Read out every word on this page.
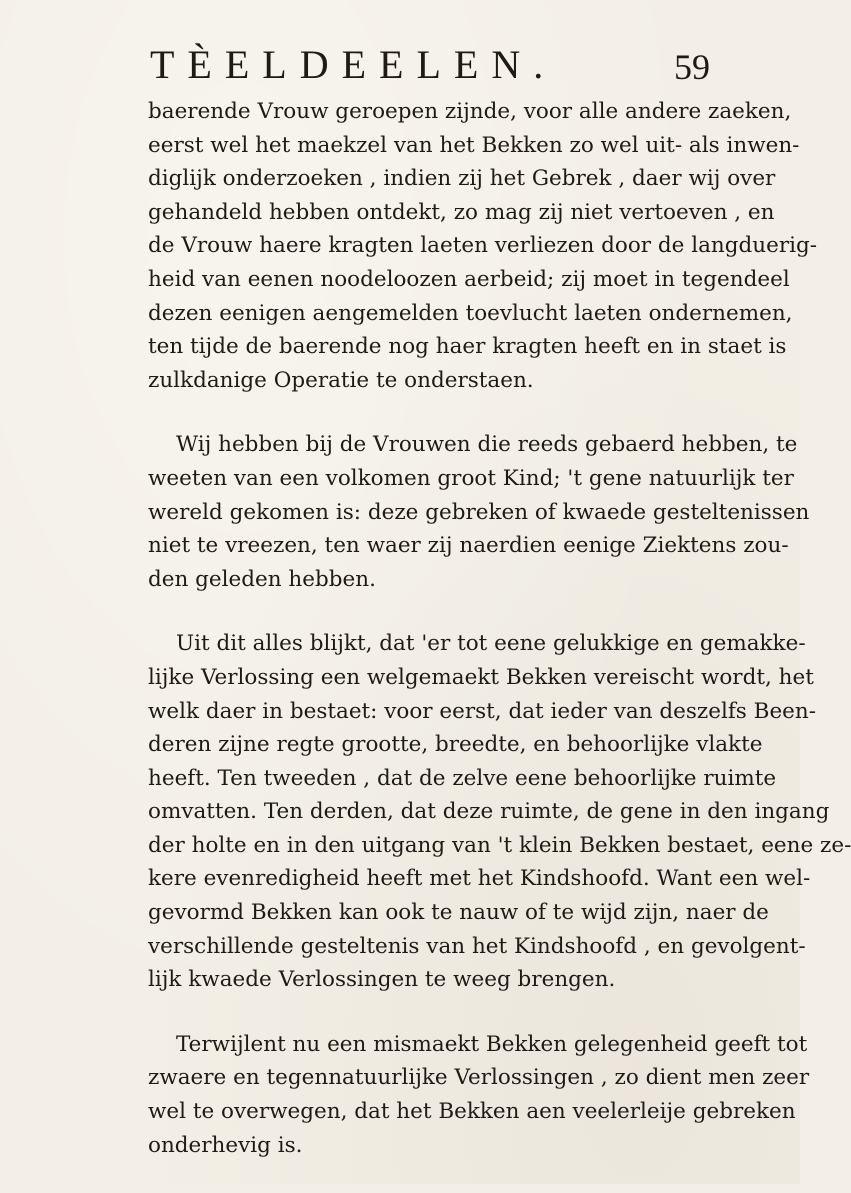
TÈELDEELEN.	59

baerende Vrouw geroepen zijnde, voor alle andere zaeken,
eerst wel het maekzel van het Bekken zo wel uit- als inwen-
diglijk onderzoeken , indien zij het Gebrek , daer wij over
gehandeld hebben ontdekt, zo mag zij niet vertoeven , en
de Vrouw haere kragten laeten verliezen door de langduerig-
heid van eenen noodeloozen aerbeid; zij moet in tegendeel
dezen eenigen aengemelden toevlucht laeten ondernemen,
ten tijde de baerende nog haer kragten heeft en in staet is
zulkdanige Operatie te onderstaen.

Wij hebben bij de Vrouwen die reeds gebaerd hebben, te
weeten van een volkomen groot Kind; 't gene natuurlijk ter
wereld gekomen is: deze gebreken of kwaede gesteltenissen
niet te vreezen, ten waer zij naerdien eenige Ziektens zou-
den geleden hebben.

Uit dit alles blijkt, dat 'er tot eene gelukkige en gemakke-
lijke Verlossing een welgemaekt Bekken vereischt wordt, het
welk daer in bestaet: voor eerst, dat ieder van deszelfs Been-
deren zijne regte grootte, breedte, en behoorlijke vlakte
heeft. Ten tweeden , dat de zelve eene behoorlijke ruimte
omvatten. Ten derden, dat deze ruimte, de gene in den ingang
der holte en in den uitgang van 't klein Bekken bestaet, eene ze-
kere evenredigheid heeft met het Kindshoofd. Want een wel-
gevormd Bekken kan ook te nauw of te wijd zijn, naer de
verschillende gesteltenis van het Kindshoofd , en gevolgent-
lijk kwaede Verlossingen te weeg brengen.

Terwijlent nu een mismaekt Bekken gelegenheid geeft tot
zwaere en tegennatuurlijke Verlossingen , zo dient men zeer
wel te overwegen, dat het Bekken aen veelerleije gebreken
onderhevig is.
